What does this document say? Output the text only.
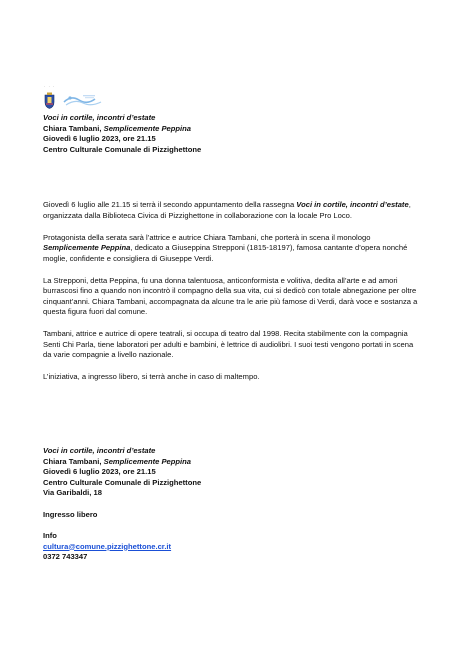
· · ·

Voci in cortile, incontri d’estate

Chiara Tambani, Semplicemente Peppina

Giovedì 6 luglio 2023, ore 21.15

Centro Culturale Comunale di Pizzighettone

Giovedì 6 luglio alle 21.15 si terrà il secondo appuntamento della rassegna Voci in cortile, incontri d’estate, organizzata dalla Biblioteca Civica di Pizzighettone in collaborazione con la locale Pro Loco.

Protagonista della serata sarà l’attrice e autrice Chiara Tambani, che porterà in scena il monologo Semplicemente Peppina, dedicato a Giuseppina Strepponi (1815-18197), famosa cantante d’opera nonché moglie, confidente e consigliera di Giuseppe Verdi.

La Strepponi, detta Peppina, fu una donna talentuosa, anticonformista e volitiva, dedita all’arte e ad amori burrascosi fino a quando non incontrò il compagno della sua vita, cui si dedicò con totale abnegazione per oltre cinquant’anni. Chiara Tambani, accompagnata da alcune tra le arie più famose di Verdi, darà voce e sostanza a questa figura fuori dal comune.

Tambani, attrice e autrice di opere teatrali, si occupa di teatro dal 1998. Recita stabilmente con la compagnia Senti Chi Parla, tiene laboratori per adulti e bambini, è lettrice di audiolibri. I suoi testi vengono portati in scena da varie compagnie a livello nazionale.

L’iniziativa, a ingresso libero, si terrà anche in caso di maltempo.

Voci in cortile, incontri d’estate

Chiara Tambani, Semplicemente Peppina

Giovedì 6 luglio 2023, ore 21.15

Centro Culturale Comunale di Pizzighettone

Via Garibaldi, 18

Ingresso libero

Info

cultura@comune.pizzighettone.cr.it

0372 743347
